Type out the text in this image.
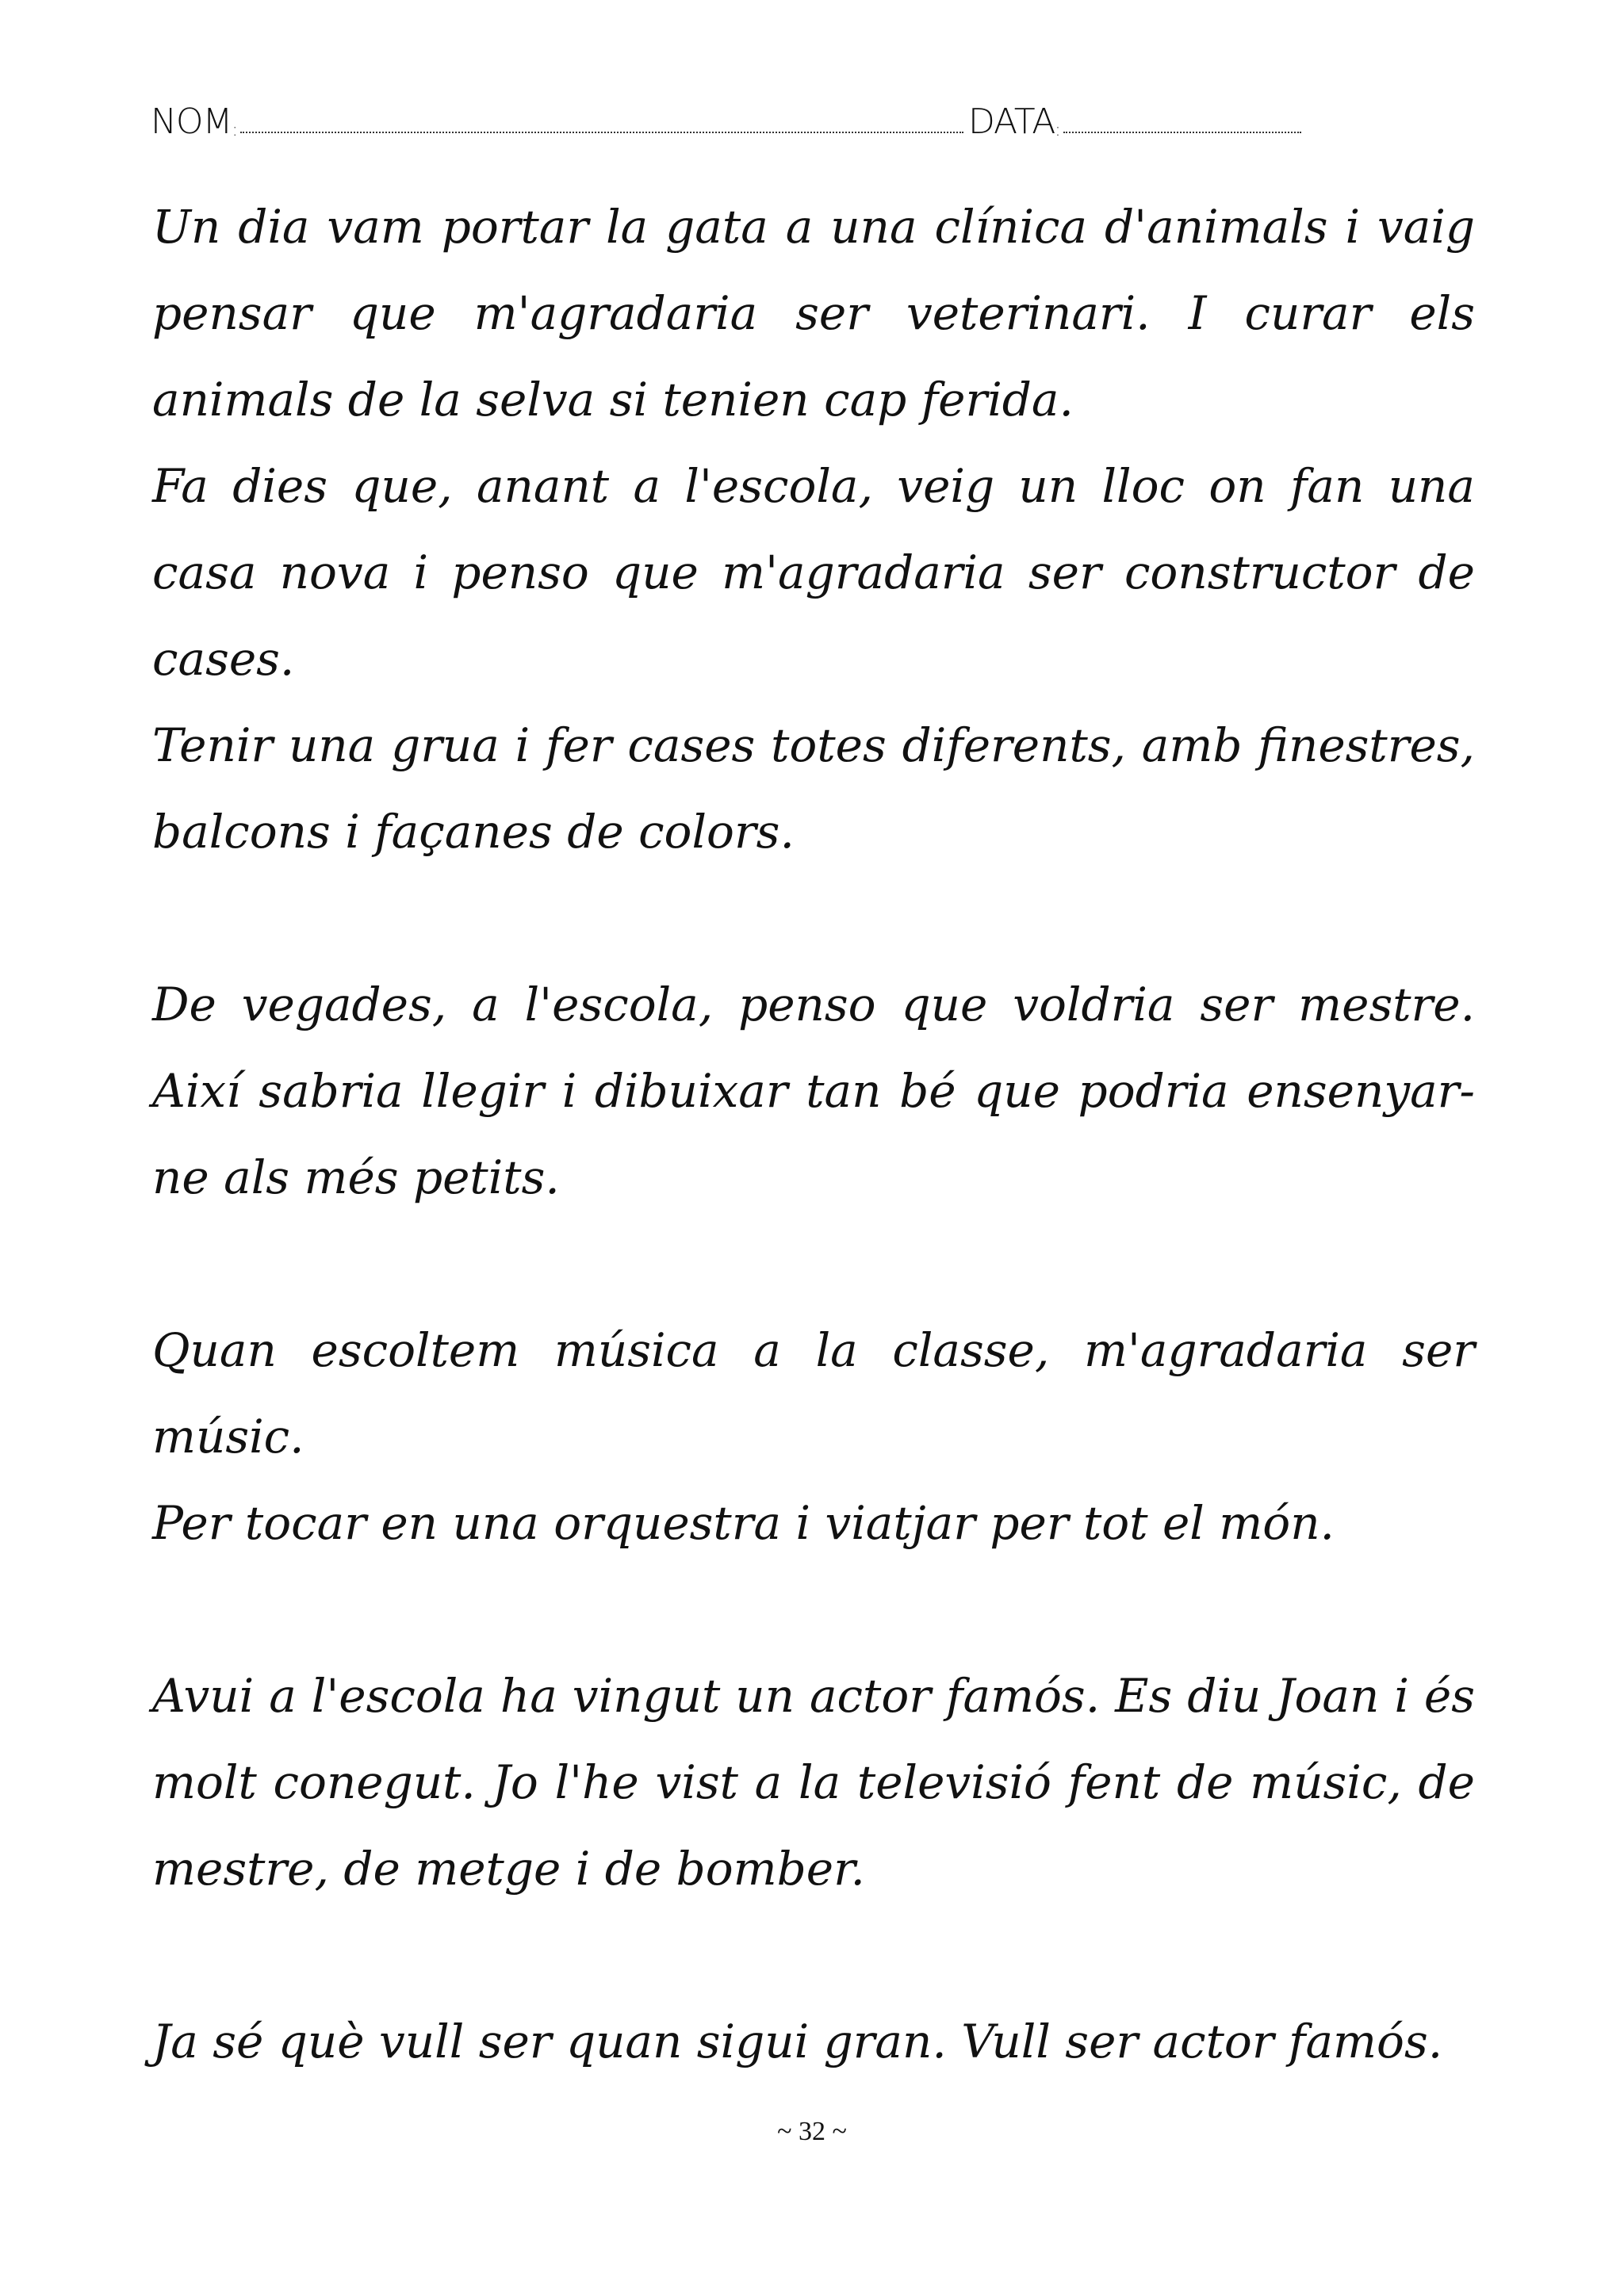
NOM :	DATA :

Un dia vam portar la gata a una clínica d'animals i vaig pensar que m'agradaria ser veterinari. I curar els animals de la selva si tenien cap ferida.

Fa dies que, anant a l'escola, veig un lloc on fan una casa nova i penso que m'agradaria ser constructor de cases.

Tenir una grua i fer cases totes diferents, amb finestres, balcons i façanes de colors.

De vegades, a l'escola, penso que voldria ser mestre. Així sabria llegir i dibuixar tan bé que podria ensenyar-ne als més petits.

Quan escoltem música a la classe, m'agradaria ser músic.

Per tocar en una orquestra i viatjar per tot el món.

Avui a l'escola ha vingut un actor famós. Es diu Joan i és molt conegut. Jo l'he vist a la televisió fent de músic, de mestre, de metge i de bomber.

Ja sé què vull ser quan sigui gran. Vull ser actor famós.

~ 32 ~
